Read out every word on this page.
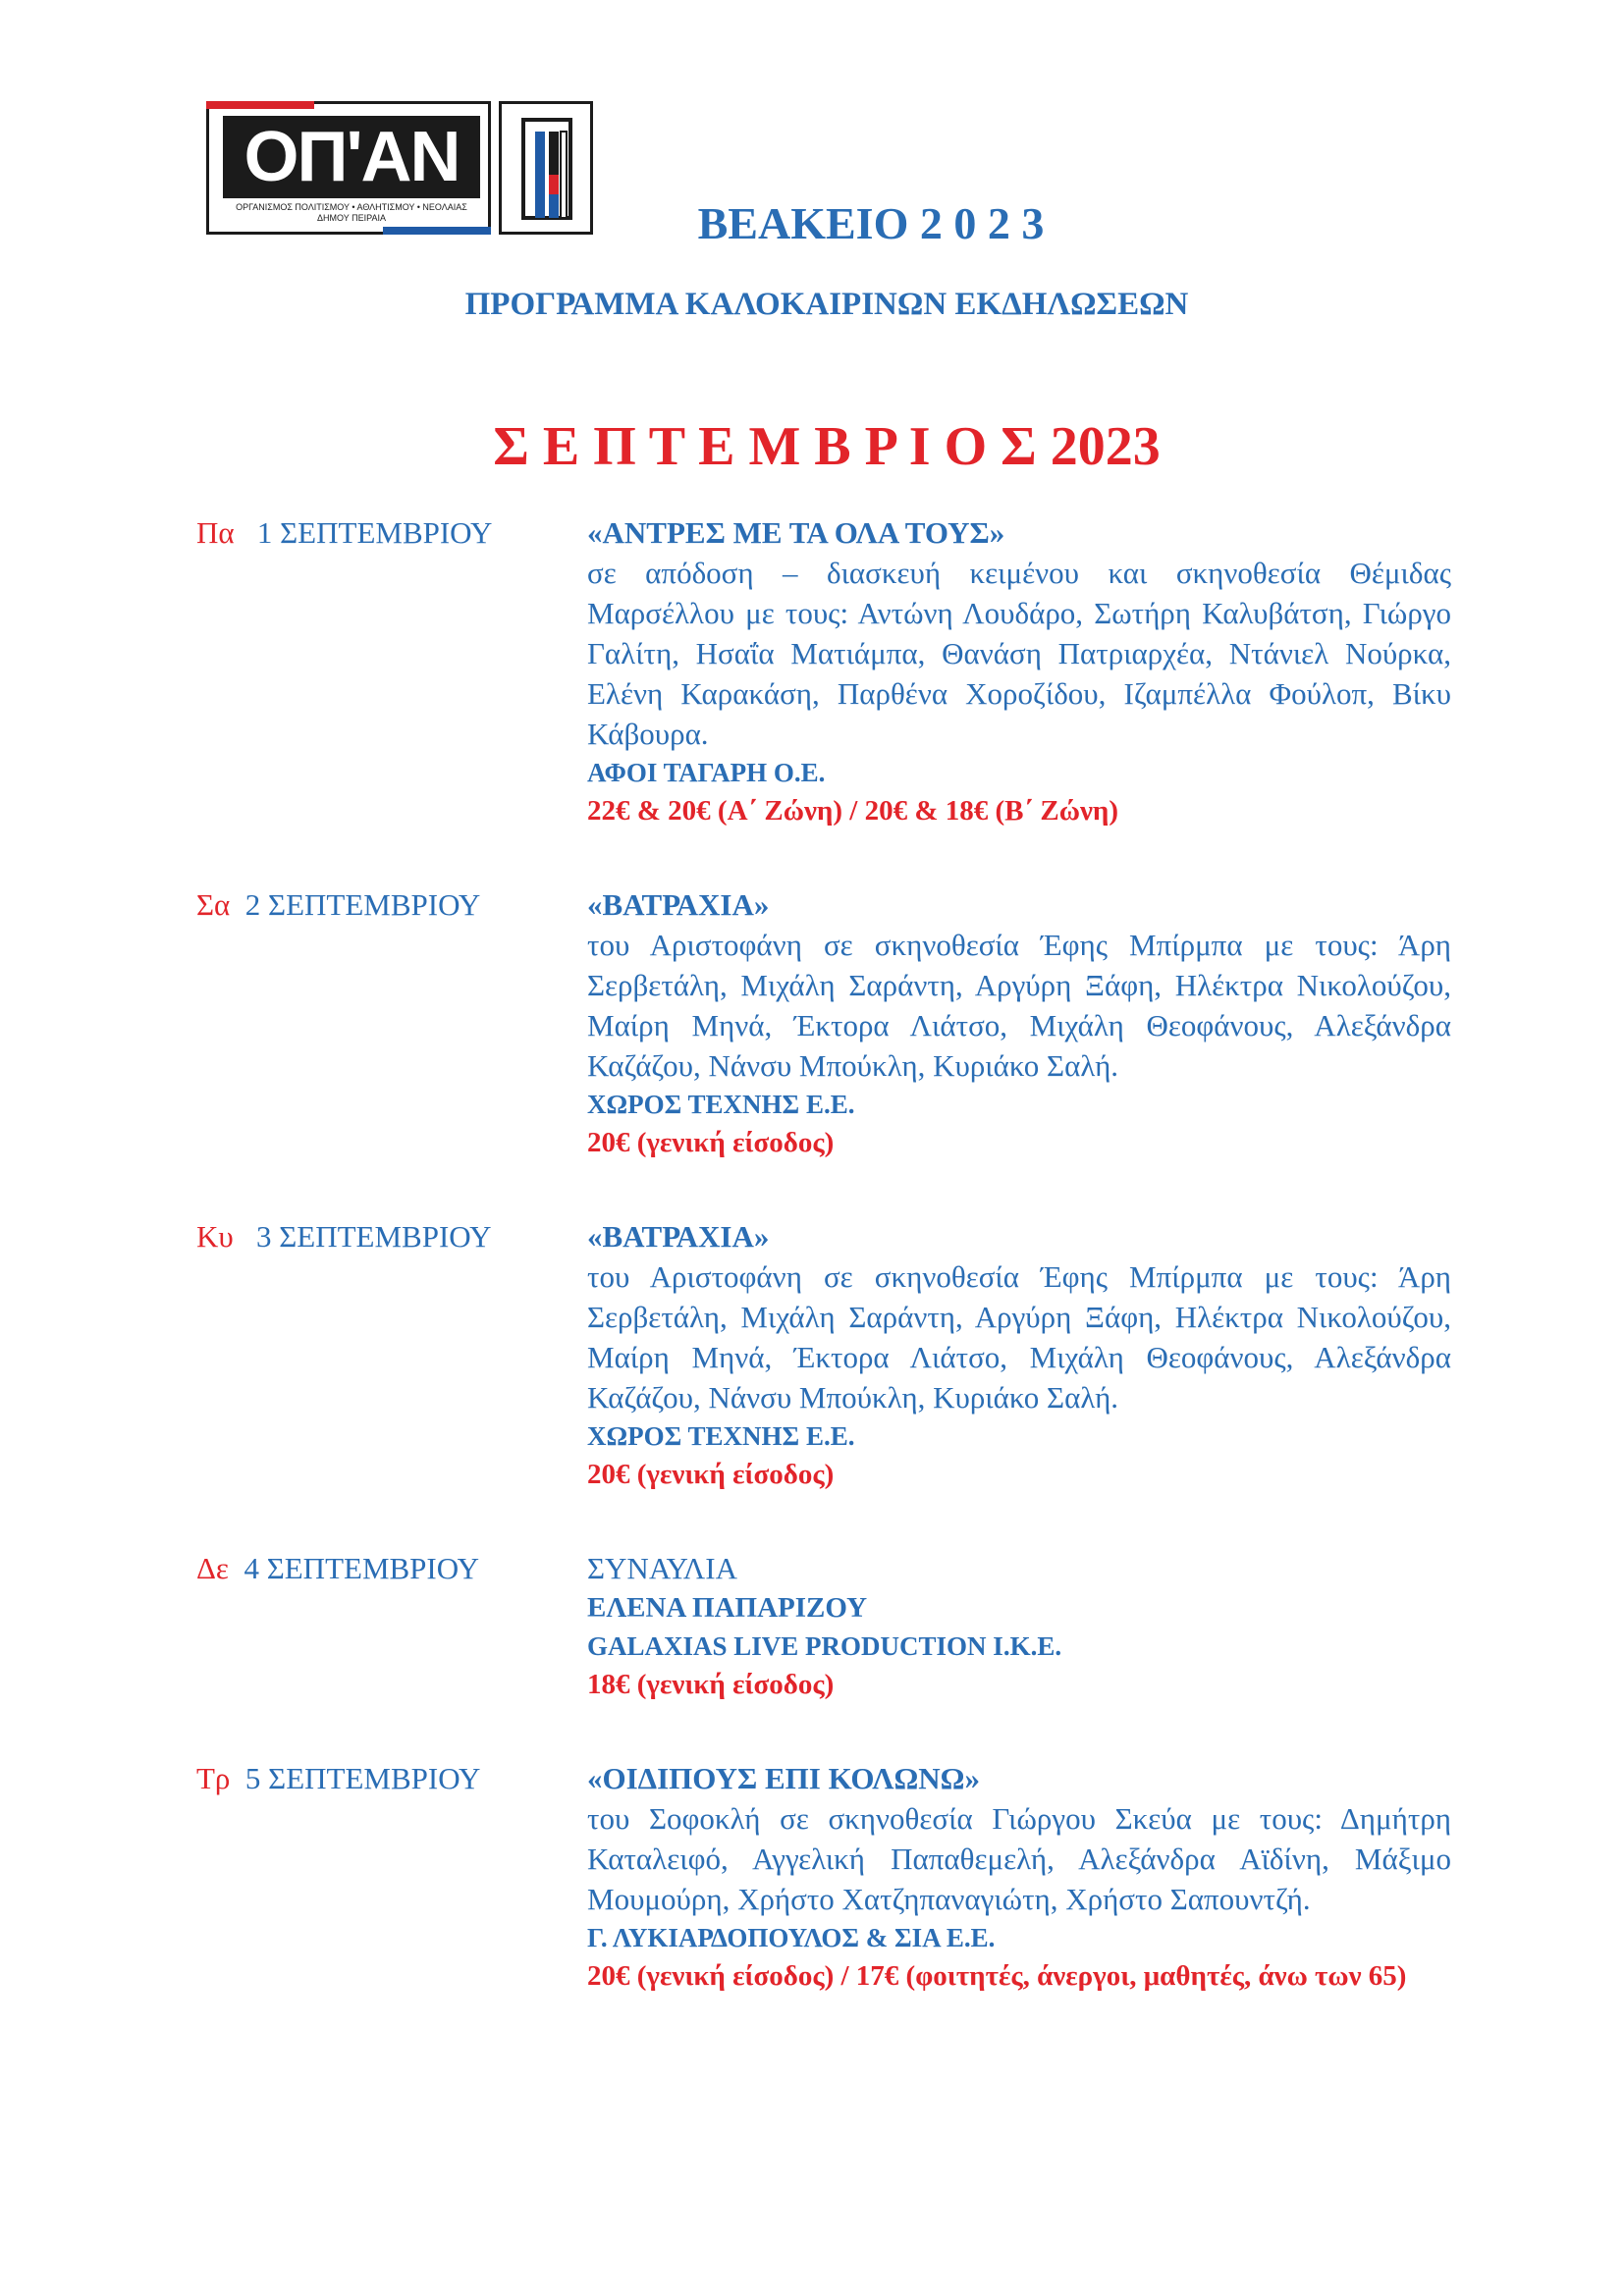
ΟΠ'ΑΝ
ΟΡΓΑΝΙΣΜΟΣ ΠΟΛΙΤΙΣΜΟΥ • ΑΘΛΗΤΙΣΜΟΥ • ΝΕΟΛΑΙΑΣ ΔΗΜΟΥ ΠΕΙΡΑΙΑ	ΒΕΑΚΕΙΟ 2 0 2 3
ΠΡΟΓΡΑΜΜΑ ΚΑΛΟΚΑΙΡΙΝΩΝ ΕΚΔΗΛΩΣΕΩΝ
Σ Ε Π Τ Ε Μ Β Ρ Ι Ο Σ 2023
Πα 1 ΣΕΠΤΕΜΒΡΙΟΥ	«ΑΝΤΡΕΣ ΜΕ ΤΑ ΟΛΑ ΤΟΥΣ»
σε απόδοση – διασκευή κειμένου και σκηνοθεσία Θέμιδας Μαρσέλλου με τους: Αντώνη Λουδάρο, Σωτήρη Καλυβάτση, Γιώργο Γαλίτη, Ησαΐα Ματιάμπα, Θανάση Πατριαρχέα, Ντάνιελ Νούρκα, Ελένη Καρακάση, Παρθένα Χοροζίδου, Ιζαμπέλλα Φούλοπ, Βίκυ Κάβουρα.
ΑΦΟΙ ΤΑΓΑΡΗ Ο.Ε.
22€ & 20€ (Α΄ Ζώνη) / 20€ & 18€ (Β΄ Ζώνη)
Σα 2 ΣΕΠΤΕΜΒΡΙΟΥ	«ΒΑΤΡΑΧΙΑ»
του Αριστοφάνη σε σκηνοθεσία Έφης Μπίρμπα με τους: Άρη Σερβετάλη, Μιχάλη Σαράντη, Αργύρη Ξάφη, Ηλέκτρα Νικολούζου, Μαίρη Μηνά, Έκτορα Λιάτσο, Μιχάλη Θεοφάνους, Αλεξάνδρα Καζάζου, Νάνσυ Μπούκλη, Κυριάκο Σαλή.
ΧΩΡΟΣ ΤΕΧΝΗΣ Ε.Ε.
20€ (γενική είσοδος)
Κυ 3 ΣΕΠΤΕΜΒΡΙΟΥ	«ΒΑΤΡΑΧΙΑ»
του Αριστοφάνη σε σκηνοθεσία Έφης Μπίρμπα με τους: Άρη Σερβετάλη, Μιχάλη Σαράντη, Αργύρη Ξάφη, Ηλέκτρα Νικολούζου, Μαίρη Μηνά, Έκτορα Λιάτσο, Μιχάλη Θεοφάνους, Αλεξάνδρα Καζάζου, Νάνσυ Μπούκλη, Κυριάκο Σαλή.
ΧΩΡΟΣ ΤΕΧΝΗΣ Ε.Ε.
20€ (γενική είσοδος)
Δε 4 ΣΕΠΤΕΜΒΡΙΟΥ	ΣΥΝΑΥΛΙΑ
ΕΛΕΝΑ ΠΑΠΑΡΙΖΟΥ
GALAXIAS LIVE PRODUCTION I.K.E.
18€ (γενική είσοδος)
Τρ 5 ΣΕΠΤΕΜΒΡΙΟΥ	«ΟΙΔΙΠΟΥΣ ΕΠΙ ΚΟΛΩΝΩ»
του Σοφοκλή σε σκηνοθεσία Γιώργου Σκεύα με τους: Δημήτρη Καταλειφό, Αγγελική Παπαθεμελή, Αλεξάνδρα Αϊδίνη, Μάξιμο Μουμούρη, Χρήστο Χατζηπαναγιώτη, Χρήστο Σαπουντζή.
Γ. ΛΥΚΙΑΡΔΟΠΟΥΛΟΣ & ΣΙΑ Ε.Ε.
20€ (γενική είσοδος) / 17€ (φοιτητές, άνεργοι, μαθητές, άνω των 65)
